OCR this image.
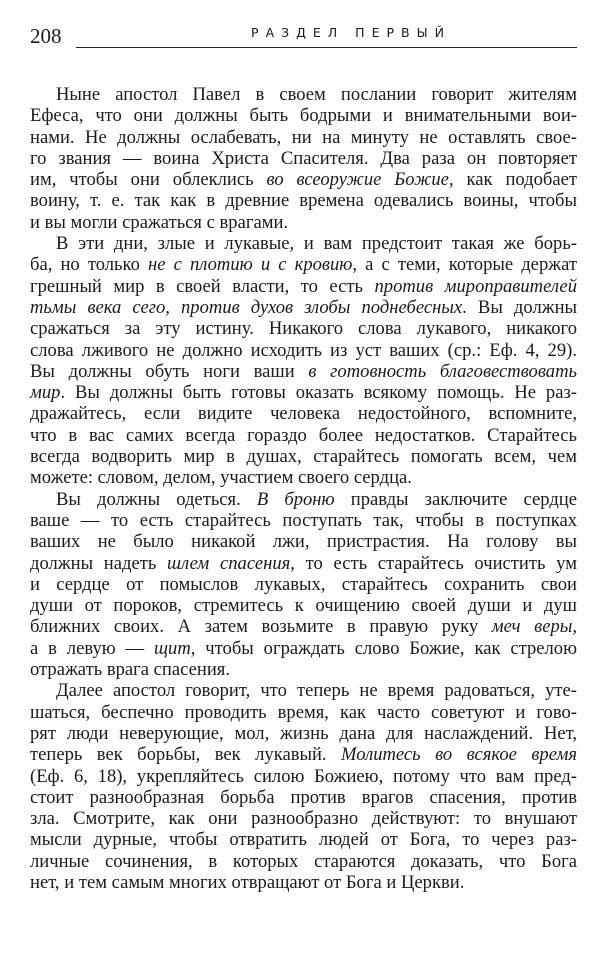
208	РАЗДЕЛ ПЕРВЫЙ
Ныне апостол Павел в своем послании говорит жителям
Ефеса, что они должны быть бодрыми и внимательными вои-
нами. Не должны ослабевать, ни на минуту не оставлять свое-
го звания — воина Христа Спасителя. Два раза он повторяет
им, чтобы они облеклись во всеоружие Божие, как подобает
воину, т. е. так как в древние времена одевались воины, чтобы
и вы могли сражаться с врагами.
В эти дни, злые и лукавые, и вам предстоит такая же борь-
ба, но только не с плотию и с кровию, а с теми, которые держат
грешный мир в своей власти, то есть против мироправителей
тьмы века сего, против духов злобы поднебесных. Вы должны
сражаться за эту истину. Никакого слова лукавого, никакого
слова лживого не должно исходить из уст ваших (ср.: Еф. 4, 29).
Вы должны обуть ноги ваши в готовность благовествовать
мир. Вы должны быть готовы оказать всякому помощь. Не раз-
дражайтесь, если видите человека недостойного, вспомните,
что в вас самих всегда гораздо более недостатков. Старайтесь
всегда водворить мир в душах, старайтесь помогать всем, чем
можете: словом, делом, участием своего сердца.
Вы должны одеться. В броню правды заключите сердце
ваше — то есть старайтесь поступать так, чтобы в поступках
ваших не было никакой лжи, пристрастия. На голову вы
должны надеть шлем спасения, то есть старайтесь очистить ум
и сердце от помыслов лукавых, старайтесь сохранить свои
души от пороков, стремитесь к очищению своей души и душ
ближних своих. А затем возьмите в правую руку меч веры,
а в левую — щит, чтобы ограждать слово Божие, как стрелою
отражать врага спасения.
Далее апостол говорит, что теперь не время радоваться, уте-
шаться, беспечно проводить время, как часто советуют и гово-
рят люди неверующие, мол, жизнь дана для наслаждений. Нет,
теперь век борьбы, век лукавый. Молитесь во всякое время
(Еф. 6, 18), укрепляйтесь силою Божиею, потому что вам пред-
стоит разнообразная борьба против врагов спасения, против
зла. Смотрите, как они разнообразно действуют: то внушают
мысли дурные, чтобы отвратить людей от Бога, то через раз-
личные сочинения, в которых стараются доказать, что Бога
нет, и тем самым многих отвращают от Бога и Церкви.
